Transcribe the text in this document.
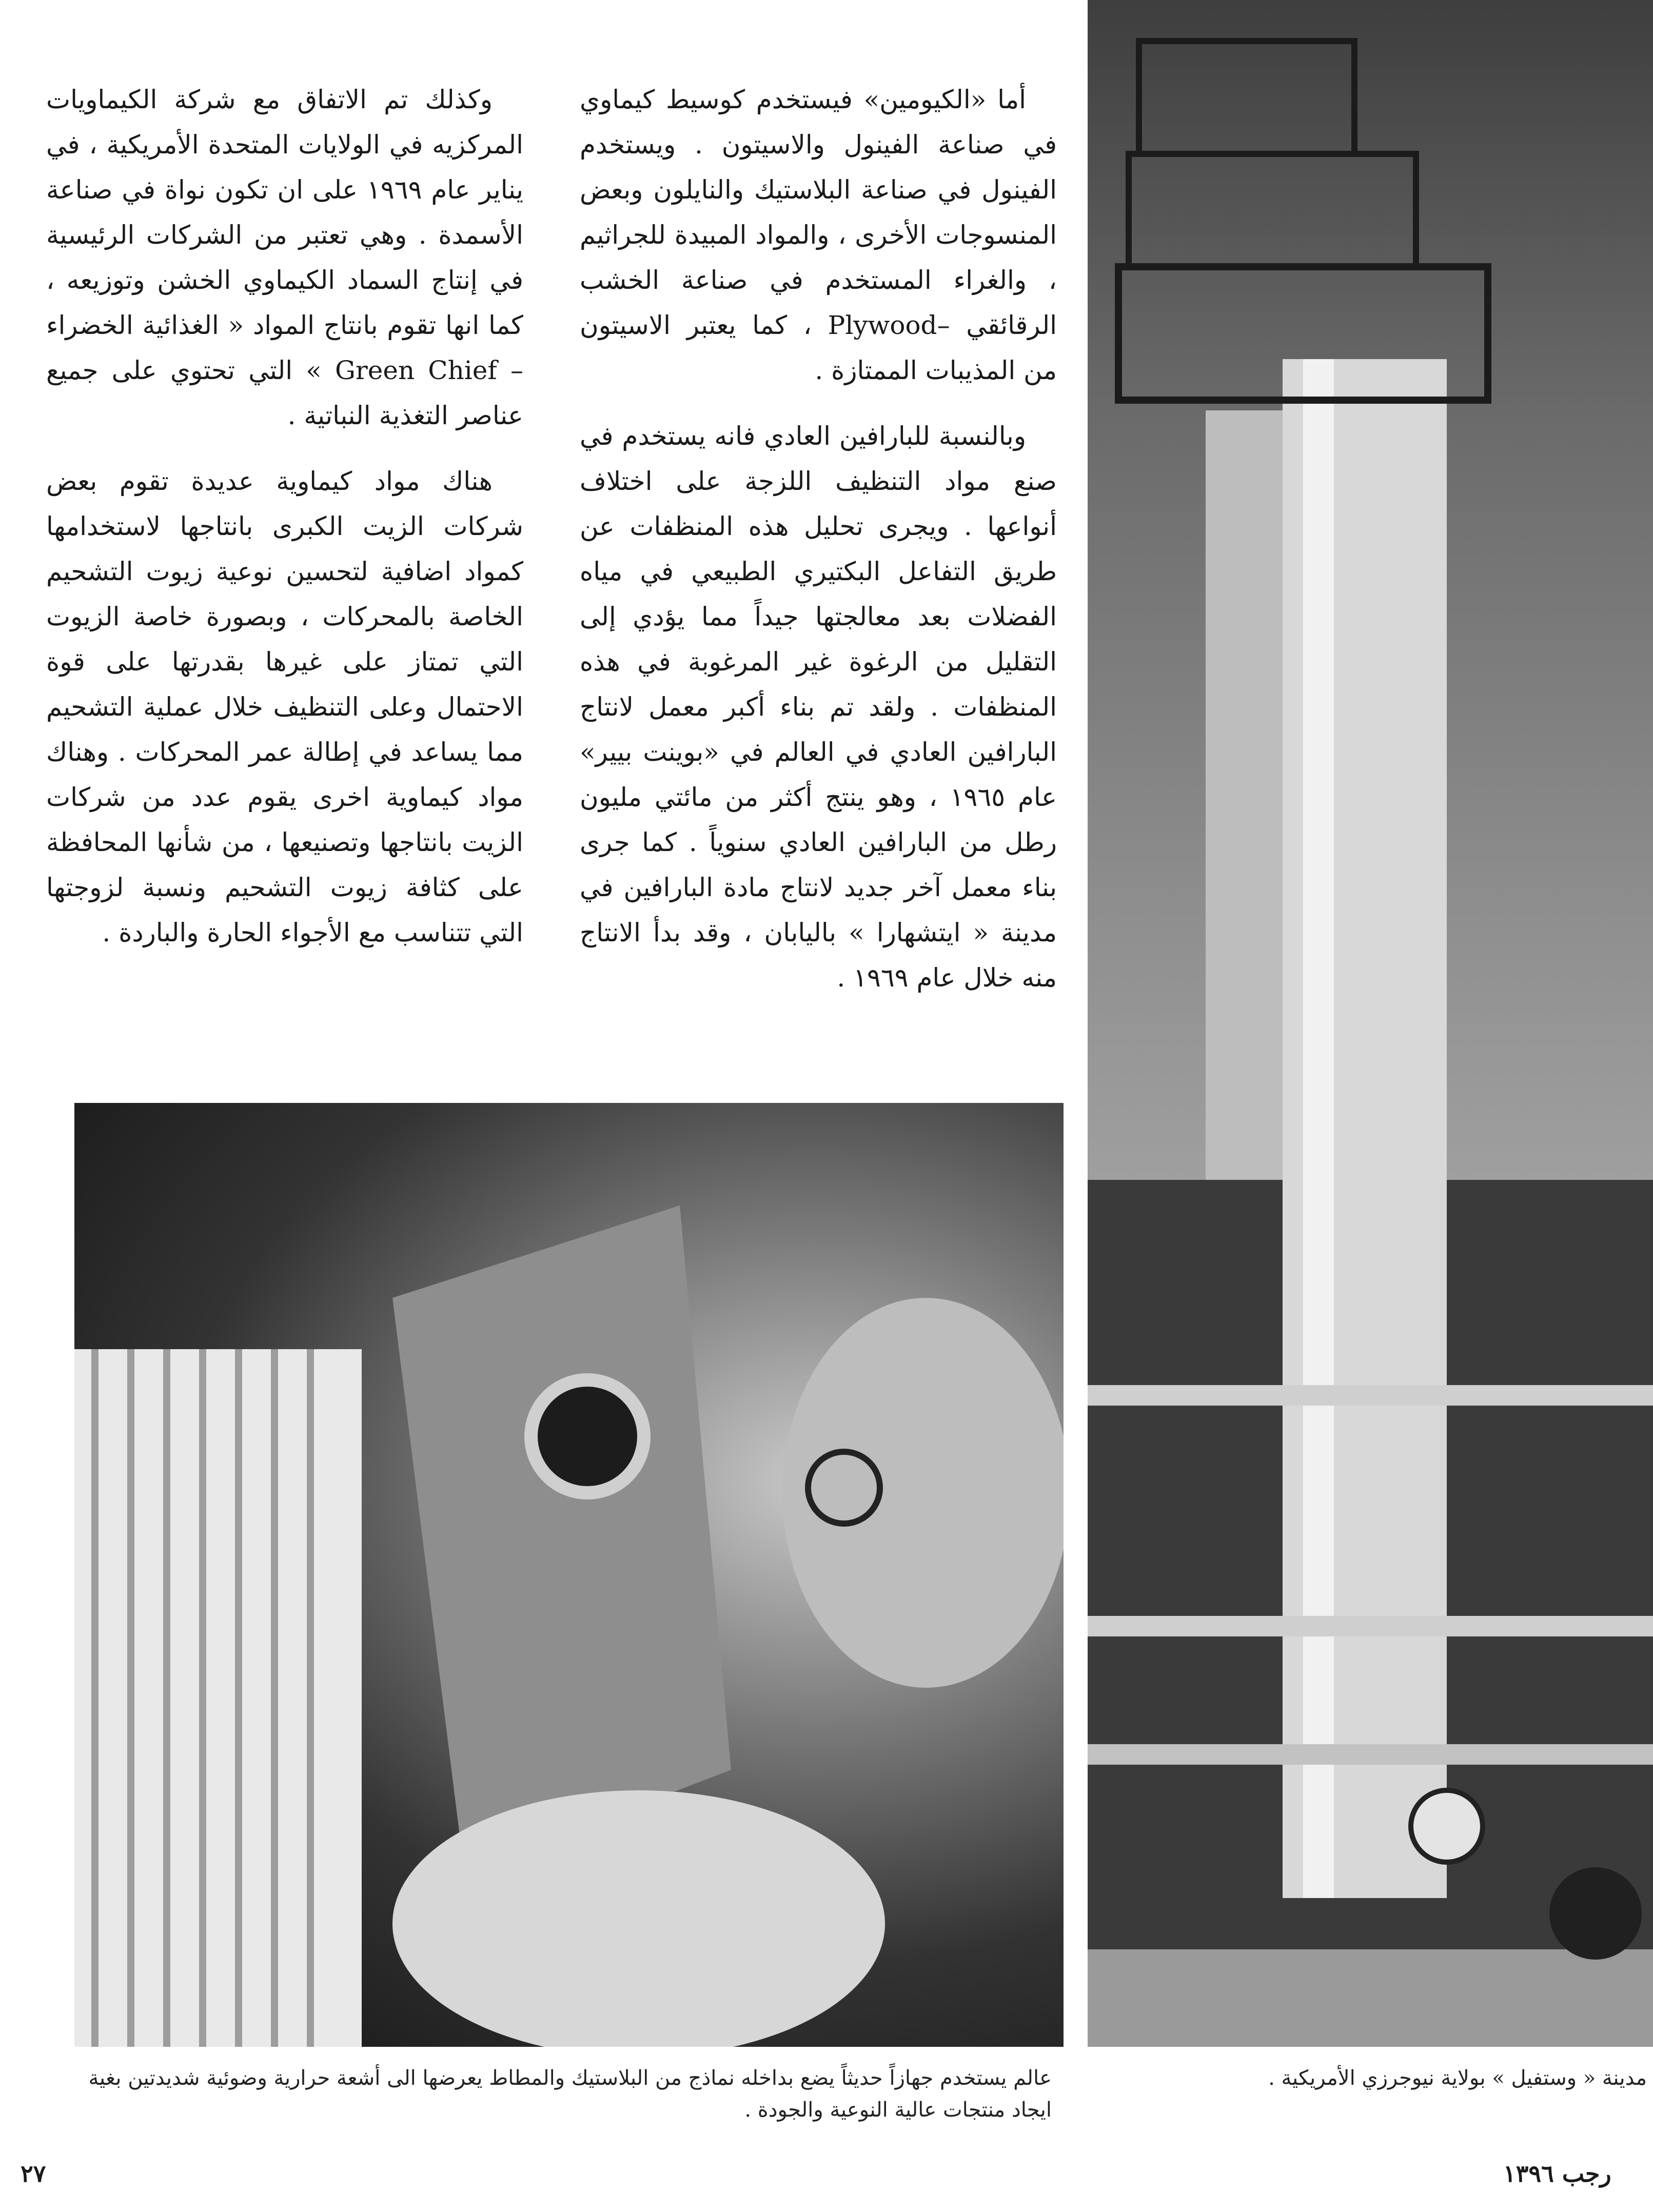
أما «الكيومين» فيستخدم كوسيط كيماوي في صناعة الفينول والاسيتون . ويستخدم الفينول في صناعة البلاستيك والنايلون وبعض المنسوجات الأخرى ، والمواد المبيدة للجراثيم ، والغراء المستخدم في صناعة الخشب الرقائقي –Plywood ، كما يعتبر الاسيتون من المذيبات الممتازة .

وبالنسبة للبارافين العادي فانه يستخدم في صنع مواد التنظيف اللزجة على اختلاف أنواعها . ويجرى تحليل هذه المنظفات عن طريق التفاعل البكتيري الطبيعي في مياه الفضلات بعد معالجتها جيداً مما يؤدي إلى التقليل من الرغوة غير المرغوبة في هذه المنظفات . ولقد تم بناء أكبر معمل لانتاج البارافين العادي في العالم في «بوينت بيير» عام ١٩٦٥ ، وهو ينتج أكثر من مائتي مليون رطل من البارافين العادي سنوياً . كما جرى بناء معمل آخر جديد لانتاج مادة البارافين في مدينة « ايتشهارا » باليابان ، وقد بدأ الانتاج منه خلال عام ١٩٦٩ .

وكذلك تم الاتفاق مع شركة الكيماويات المركزيه في الولايات المتحدة الأمريكية ، في يناير عام ١٩٦٩ على ان تكون نواة في صناعة الأسمدة . وهي تعتبر من الشركات الرئيسية في إنتاج السماد الكيماوي الخشن وتوزيعه ، كما انها تقوم بانتاج المواد « الغذائية الخضراء – Green Chief » التي تحتوي على جميع عناصر التغذية النباتية .

هناك مواد كيماوية عديدة تقوم بعض شركات الزيت الكبرى بانتاجها لاستخدامها كمواد اضافية لتحسين نوعية زيوت التشحيم الخاصة بالمحركات ، وبصورة خاصة الزيوت التي تمتاز على غيرها بقدرتها على قوة الاحتمال وعلى التنظيف خلال عملية التشحيم مما يساعد في إطالة عمر المحركات . وهناك مواد كيماوية اخرى يقوم عدد من شركات الزيت بانتاجها وتصنيعها ، من شأنها المحافظة على كثافة زيوت التشحيم ونسبة لزوجتها التي تتناسب مع الأجواء الحارة والباردة .

عالم يستخدم جهازاً حديثاً يضع بداخله نماذج من البلاستيك والمطاط يعرضها الى أشعة حرارية وضوئية شديدتين بغية ايجاد منتجات عالية النوعية والجودة .
مدينة « وستفيل » بولاية نيوجرزي الأمريكية .
٢٧	رجب ١٣٩٦
